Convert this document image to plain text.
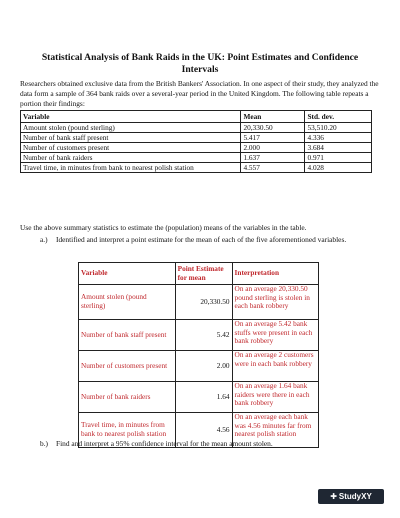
Statistical Analysis of Bank Raids in the UK: Point Estimates and Confidence Intervals
Researchers obtained exclusive data from the British Bankers' Association. In one aspect of their study, they analyzed the data form a sample of 364 bank raids over a several-year period in the United Kingdom. The following table repeats a portion their findings:
Variable	Mean	Std. dev.
Amount stolen (pound sterling)	20,330.50	53,510.20
Number of bank staff present	5.417	4.336
Number of customers present	2.000	3.684
Number of bank raiders	1.637	0.971
Travel time, in minutes from bank to nearest polish station	4.557	4.028
Use the above summary statistics to estimate the (population) means of the variables in the table.
a.) Identified and interpret a point estimate for the mean of each of the five aforementioned variables.
Variable	Point Estimate for mean	Interpretation
Amount stolen (pound sterling)	20,330.50	On an average 20,330.50 pound sterling is stolen in each bank robbery
Number of bank staff present	5.42	On an average 5.42 bank stuffs were present in each bank robbery
Number of customers present	2.00	On an average 2 customers were in each bank robbery
Number of bank raiders	1.64	On an average 1.64 bank raiders were there in each bank robbery
Travel time, in minutes from bank to nearest polish station	4.56	On an average each bank was 4.56 minutes far from nearest polish station
b.) Find and interpret a 95% confidence interval for the mean amount stolen.
✚ StudyXY
